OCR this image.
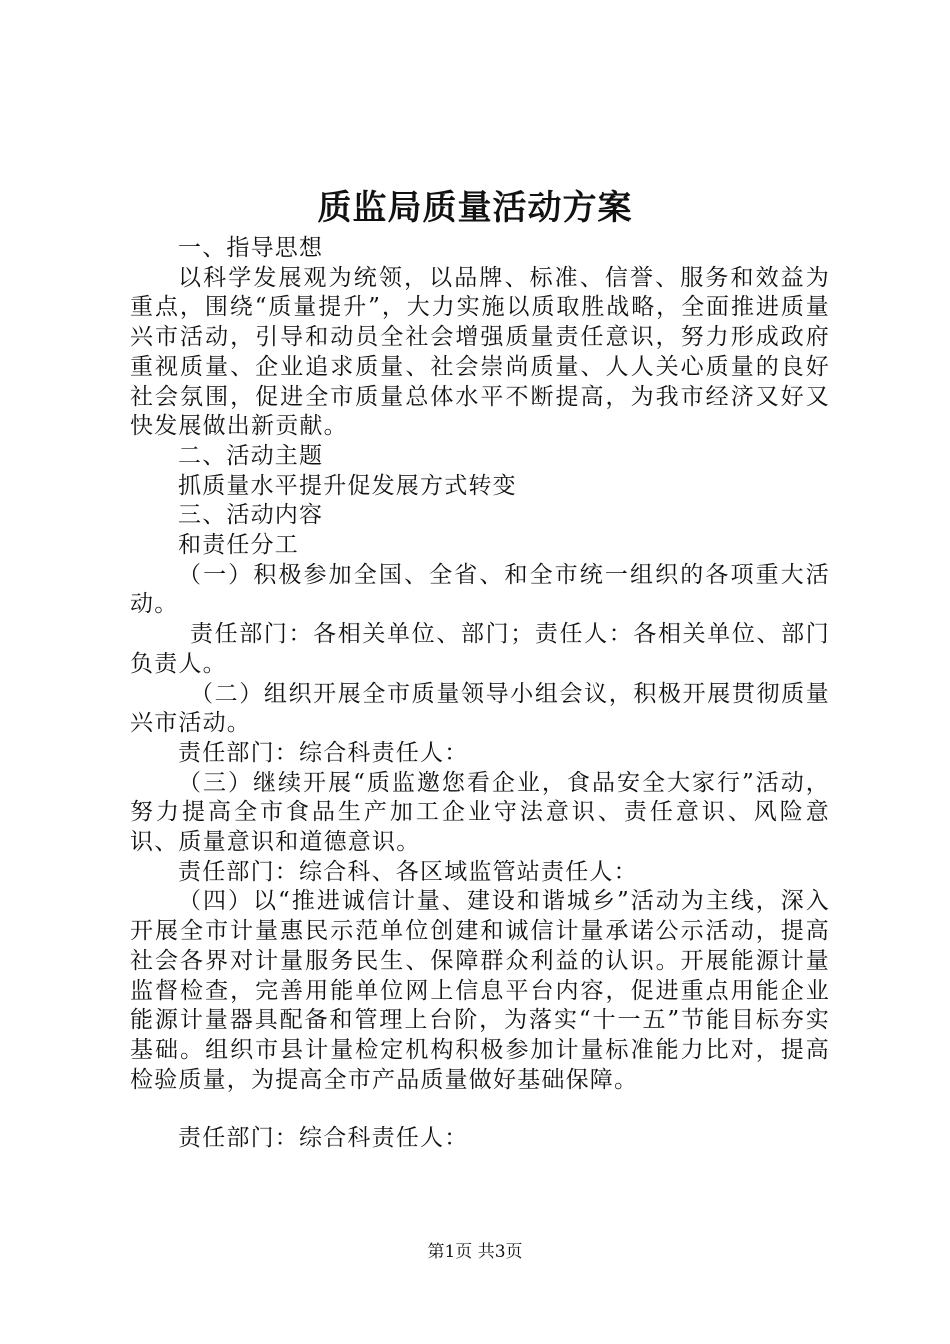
质监局质量活动方案

一、指导思想

以科学发展观为统领，以品牌、标准、信誉、服务和效益为重点，围绕“质量提升”，大力实施以质取胜战略，全面推进质量兴市活动，引导和动员全社会增强质量责任意识，努力形成政府重视质量、企业追求质量、社会崇尚质量、人人关心质量的良好社会氛围，促进全市质量总体水平不断提高，为我市经济又好又快发展做出新贡献。

二、活动主题

抓质量水平提升促发展方式转变

三、活动内容

和责任分工

（一）积极参加全国、全省、和全市统一组织的各项重大活动。

责任部门：各相关单位、部门；责任人：各相关单位、部门负责人。

（二）组织开展全市质量领导小组会议，积极开展贯彻质量兴市活动。

责任部门：综合科责任人：

（三）继续开展“质监邀您看企业，食品安全大家行”活动，努力提高全市食品生产加工企业守法意识、责任意识、风险意识、质量意识和道德意识。

责任部门：综合科、各区域监管站责任人：

（四）以“推进诚信计量、建设和谐城乡”活动为主线，深入开展全市计量惠民示范单位创建和诚信计量承诺公示活动，提高社会各界对计量服务民生、保障群众利益的认识。开展能源计量监督检查，完善用能单位网上信息平台内容，促进重点用能企业能源计量器具配备和管理上台阶，为落实“十一五”节能目标夯实基础。组织市县计量检定机构积极参加计量标准能力比对，提高检验质量，为提高全市产品质量做好基础保障。

责任部门：综合科责任人：

第1页 共3页
